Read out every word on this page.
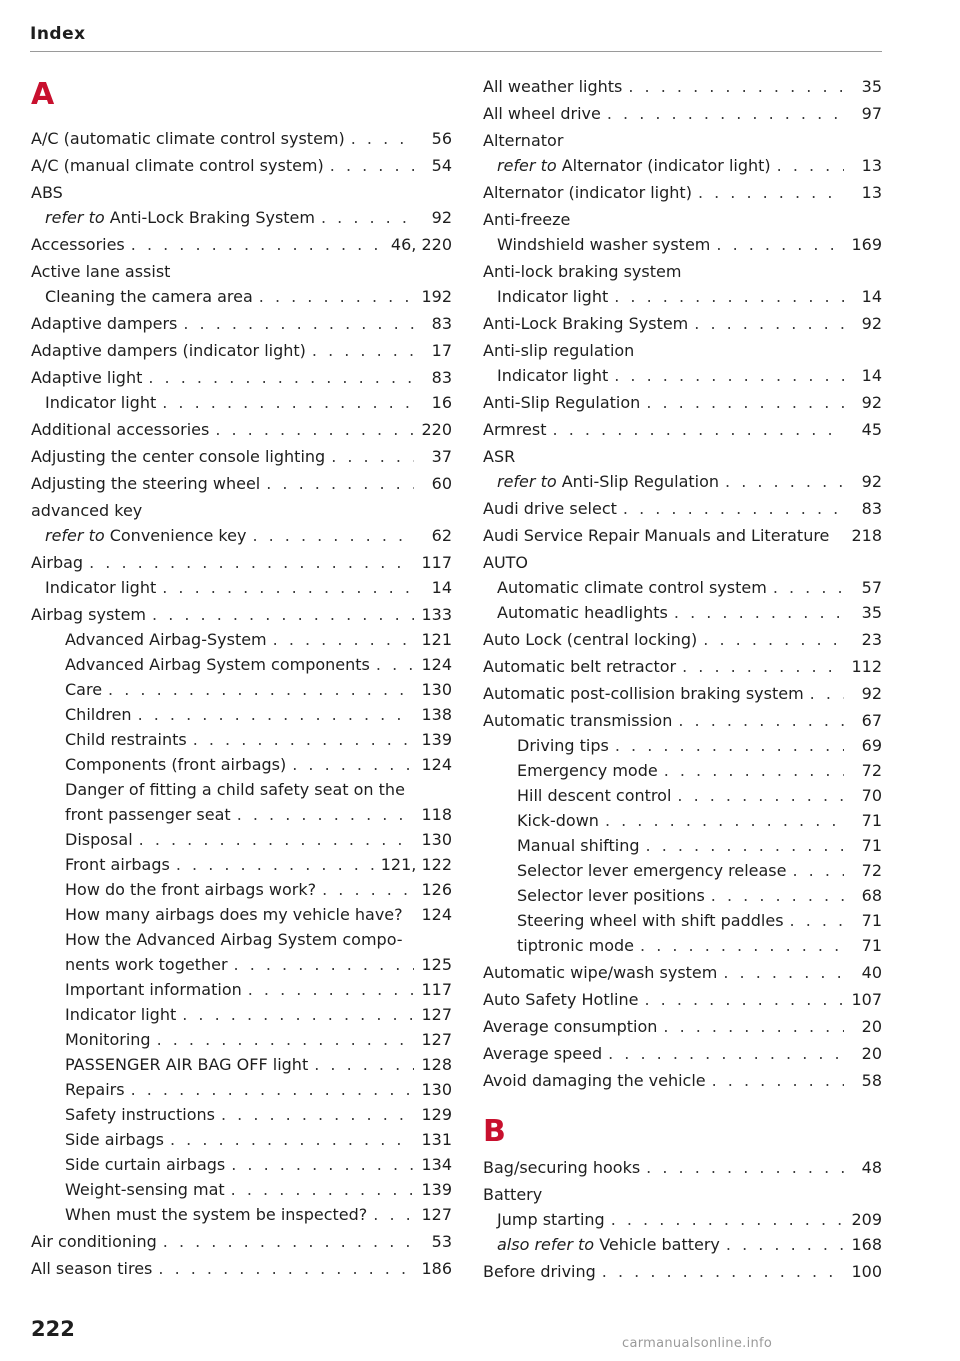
Index
A
A/C (automatic climate control system) . . .	56
A/C (manual climate control system) . . .	54
ABS
refer to Anti-Lock Braking System . . .	92
Accessories . . .	46, 220
Active lane assist
Cleaning the camera area . . .	192
Adaptive dampers . . .	83
Adaptive dampers (indicator light) . . .	17
Adaptive light . . .	83
Indicator light . . .	16
Additional accessories . . .	220
Adjusting the center console lighting . . .	37
Adjusting the steering wheel . . .	60
advanced key
refer to Convenience key . . .	62
Airbag . . .	117
Indicator light . . .	14
Airbag system . . .	133
Advanced Airbag-System . . .	121
Advanced Airbag System components . . .	124
Care . . .	130
Children . . .	138
Child restraints . . .	139
Components (front airbags) . . .	124
Danger of fitting a child safety seat on the
front passenger seat . . .	118
Disposal . . .	130
Front airbags . . .	121, 122
How do the front airbags work? . . .	126
How many airbags does my vehicle have? 124
How the Advanced Airbag System compo-
nents work together . . .	125
Important information . . .	117
Indicator light . . .	127
Monitoring . . .	127
PASSENGER AIR BAG OFF light . . .	128
Repairs . . .	130
Safety instructions . . .	129
Side airbags . . .	131
Side curtain airbags . . .	134
Weight-sensing mat . . .	139
When must the system be inspected? . . .	127
Air conditioning . . .	53
All season tires . . .	186
All weather lights . . .	35
All wheel drive . . .	97
Alternator
refer to Alternator (indicator light) . . .	13
Alternator (indicator light) . . .	13
Anti-freeze
Windshield washer system . . .	169
Anti-lock braking system
Indicator light . . .	14
Anti-Lock Braking System . . .	92
Anti-slip regulation
Indicator light . . .	14
Anti-Slip Regulation . . .	92
Armrest . . .	45
ASR
refer to Anti-Slip Regulation . . .	92
Audi drive select . . .	83
Audi Service Repair Manuals and Literature 218
AUTO
Automatic climate control system . . .	57
Automatic headlights . . .	35
Auto Lock (central locking) . . .	23
Automatic belt retractor . . .	112
Automatic post-collision braking system . . .	92
Automatic transmission . . .	67
Driving tips . . .	69
Emergency mode . . .	72
Hill descent control . . .	70
Kick-down . . .	71
Manual shifting . . .	71
Selector lever emergency release . . .	72
Selector lever positions . . .	68
Steering wheel with shift paddles . . .	71
tiptronic mode . . .	71
Automatic wipe/wash system . . .	40
Auto Safety Hotline . . .	107
Average consumption . . .	20
Average speed . . .	20
Avoid damaging the vehicle . . .	58
B
Bag/securing hooks . . .	48
Battery
Jump starting . . .	209
also refer to Vehicle battery . . .	168
Before driving . . .	100
222
carmanualsonline.info
